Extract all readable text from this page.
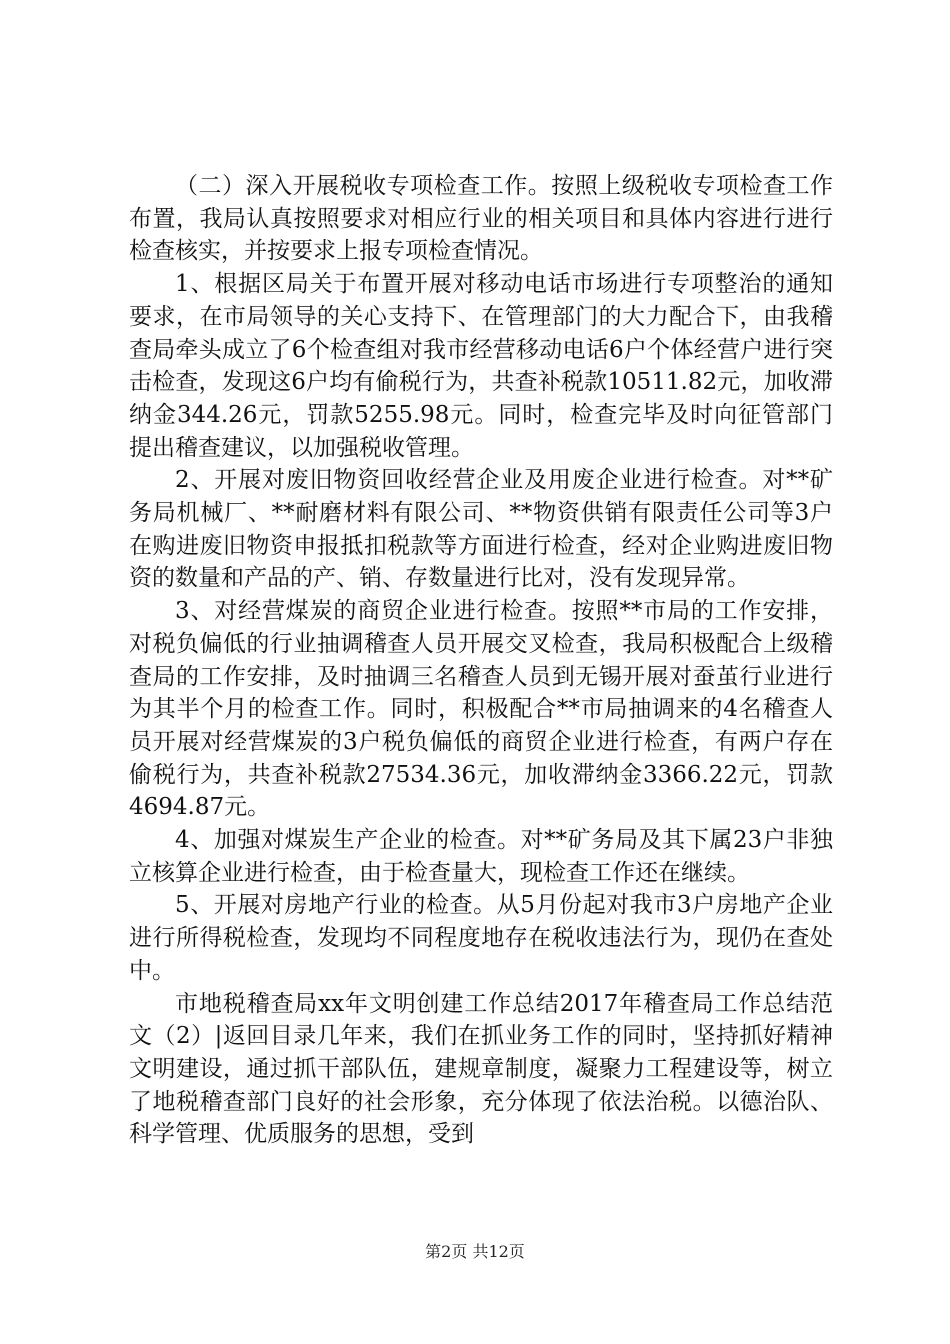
（二）深入开展税收专项检查工作。按照上级税收专项检查工作布置，我局认真按照要求对相应行业的相关项目和具体内容进行进行检查核实，并按要求上报专项检查情况。

1、根据区局关于布置开展对移动电话市场进行专项整治的通知要求，在市局领导的关心支持下、在管理部门的大力配合下，由我稽查局牵头成立了6个检查组对我市经营移动电话6户个体经营户进行突击检查，发现这6户均有偷税行为，共查补税款10511.82元，加收滞纳金344.26元，罚款5255.98元。同时，检查完毕及时向征管部门提出稽查建议，以加强税收管理。

2、开展对废旧物资回收经营企业及用废企业进行检查。对**矿务局机械厂、**耐磨材料有限公司、**物资供销有限责任公司等3户在购进废旧物资申报抵扣税款等方面进行检查，经对企业购进废旧物资的数量和产品的产、销、存数量进行比对，没有发现异常。

3、对经营煤炭的商贸企业进行检查。按照**市局的工作安排，对税负偏低的行业抽调稽查人员开展交叉检查，我局积极配合上级稽查局的工作安排，及时抽调三名稽查人员到无锡开展对蚕茧行业进行为其半个月的检查工作。同时，积极配合**市局抽调来的4名稽查人员开展对经营煤炭的3户税负偏低的商贸企业进行检查，有两户存在偷税行为，共查补税款27534.36元，加收滞纳金3366.22元，罚款4694.87元。

4、加强对煤炭生产企业的检查。对**矿务局及其下属23户非独立核算企业进行检查，由于检查量大，现检查工作还在继续。

5、开展对房地产行业的检查。从5月份起对我市3户房地产企业进行所得税检查，发现均不同程度地存在税收违法行为，现仍在查处中。

市地税稽查局xx年文明创建工作总结2017年稽查局工作总结范文（2）|返回目录几年来，我们在抓业务工作的同时，坚持抓好精神文明建设，通过抓干部队伍，建规章制度，凝聚力工程建设等，树立了地税稽查部门良好的社会形象，充分体现了依法治税。以德治队、科学管理、优质服务的思想，受到

第2页 共12页
